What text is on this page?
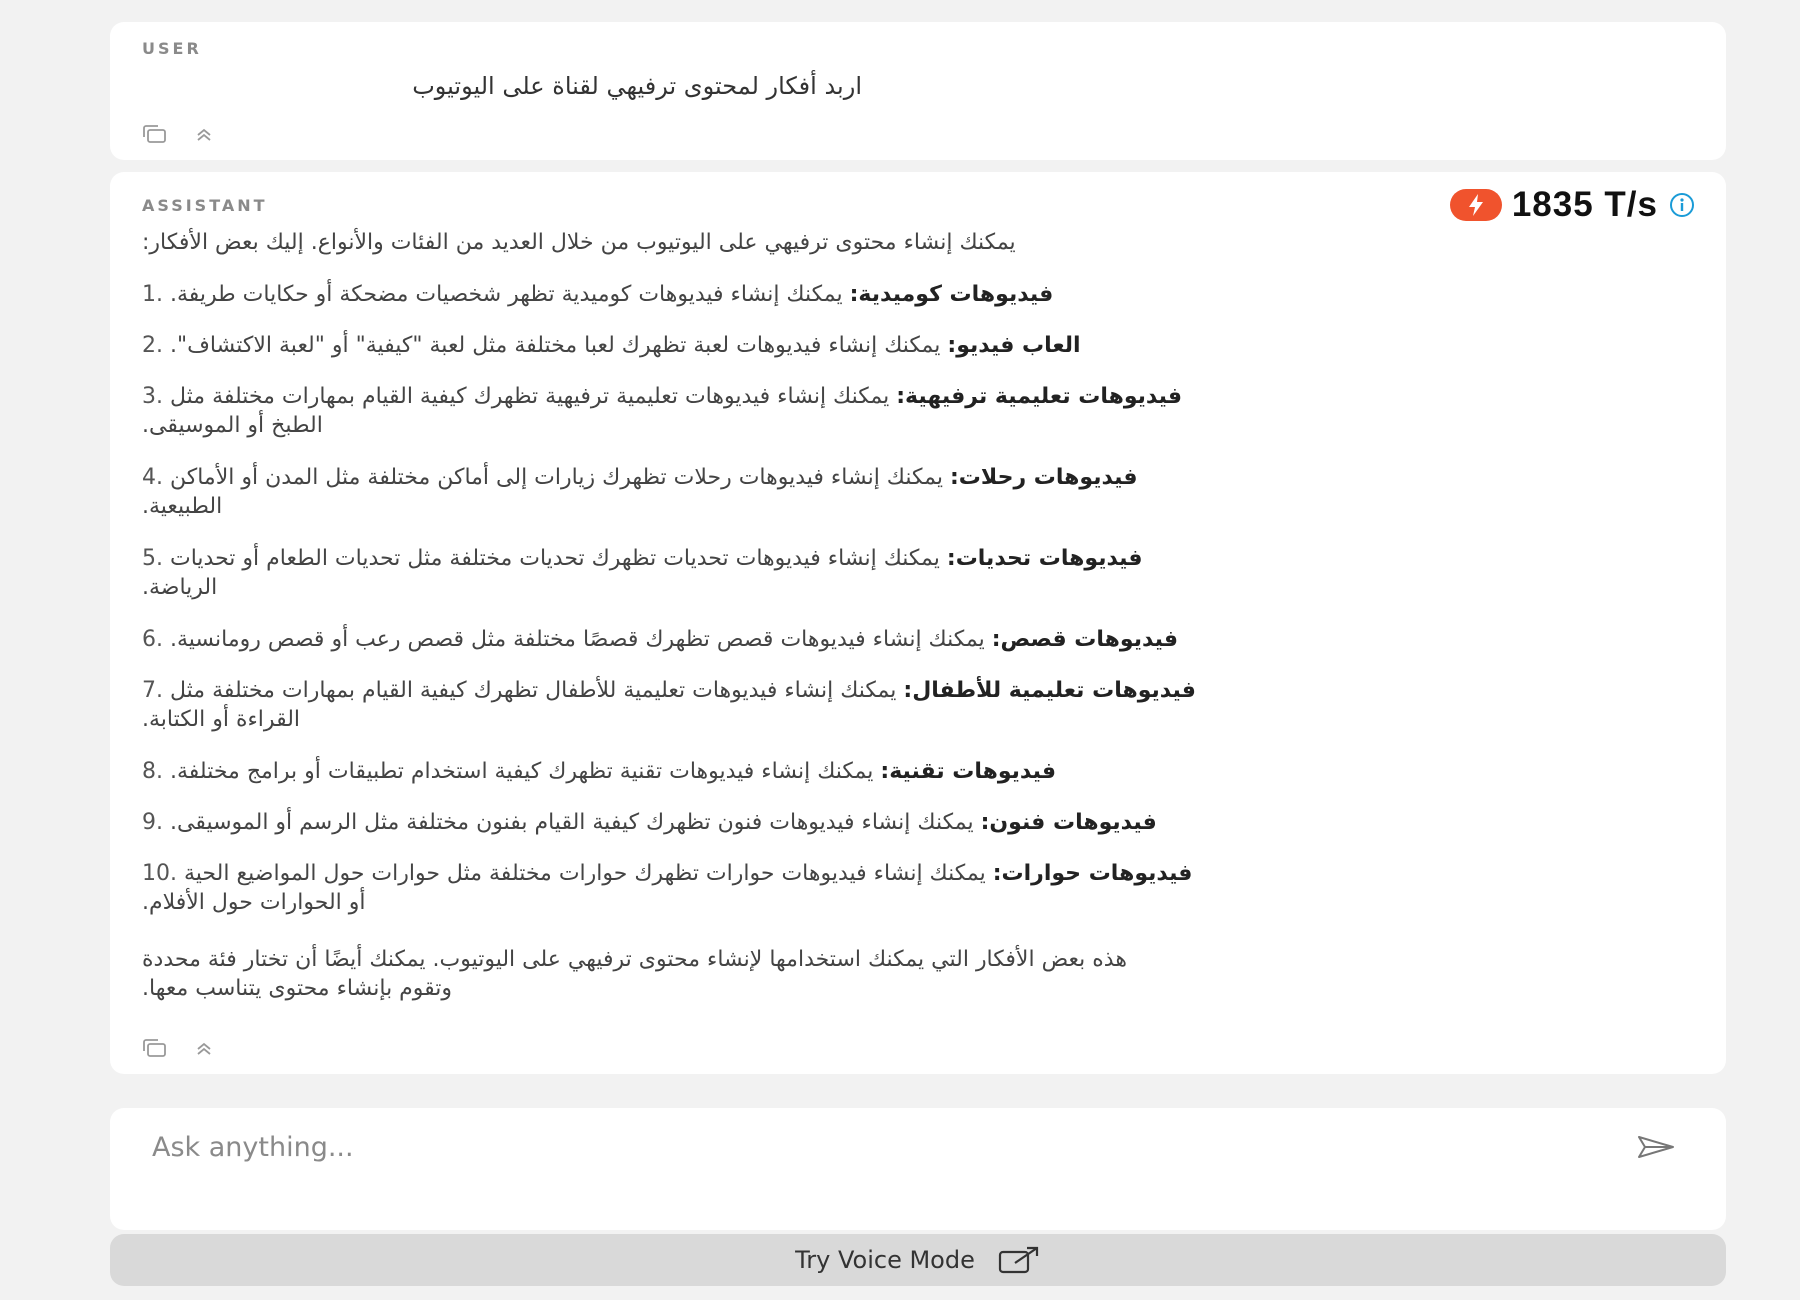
USER
اربد أفكار لمحتوى ترفيهي لقناة على اليوتيوب
ASSISTANT	1835 T/s
يمكنك إنشاء محتوى ترفيهي على اليوتيوب من خلال العديد من الفئات والأنواع. إليك بعض الأفكار:
1.	فيديوهات كوميدية: يمكنك إنشاء فيديوهات كوميدية تظهر شخصيات مضحكة أو حكايات طريفة.
2.	العاب فيديو: يمكنك إنشاء فيديوهات لعبة تظهرك لعبا مختلفة مثل لعبة "كيفية" أو "لعبة الاكتشاف".
3.	فيديوهات تعليمية ترفيهية: يمكنك إنشاء فيديوهات تعليمية ترفيهية تظهرك كيفية القيام بمهارات مختلفة مثل
الطبخ أو الموسيقى.
4.	فيديوهات رحلات: يمكنك إنشاء فيديوهات رحلات تظهرك زيارات إلى أماكن مختلفة مثل المدن أو الأماكن
الطبيعية.
5.	فيديوهات تحديات: يمكنك إنشاء فيديوهات تحديات تظهرك تحديات مختلفة مثل تحديات الطعام أو تحديات
الرياضة.
6.	فيديوهات قصص: يمكنك إنشاء فيديوهات قصص تظهرك قصصًا مختلفة مثل قصص رعب أو قصص رومانسية.
7.	فيديوهات تعليمية للأطفال: يمكنك إنشاء فيديوهات تعليمية للأطفال تظهرك كيفية القيام بمهارات مختلفة مثل
القراءة أو الكتابة.
8.	فيديوهات تقنية: يمكنك إنشاء فيديوهات تقنية تظهرك كيفية استخدام تطبيقات أو برامج مختلفة.
9.	فيديوهات فنون: يمكنك إنشاء فيديوهات فنون تظهرك كيفية القيام بفنون مختلفة مثل الرسم أو الموسيقى.
10.	فيديوهات حوارات: يمكنك إنشاء فيديوهات حوارات تظهرك حوارات مختلفة مثل حوارات حول المواضيع الحية
أو الحوارات حول الأفلام.
هذه بعض الأفكار التي يمكنك استخدامها لإنشاء محتوى ترفيهي على اليوتيوب. يمكنك أيضًا أن تختار فئة محددة
وتقوم بإنشاء محتوى يتناسب معها.
Ask anything...
Try Voice Mode
